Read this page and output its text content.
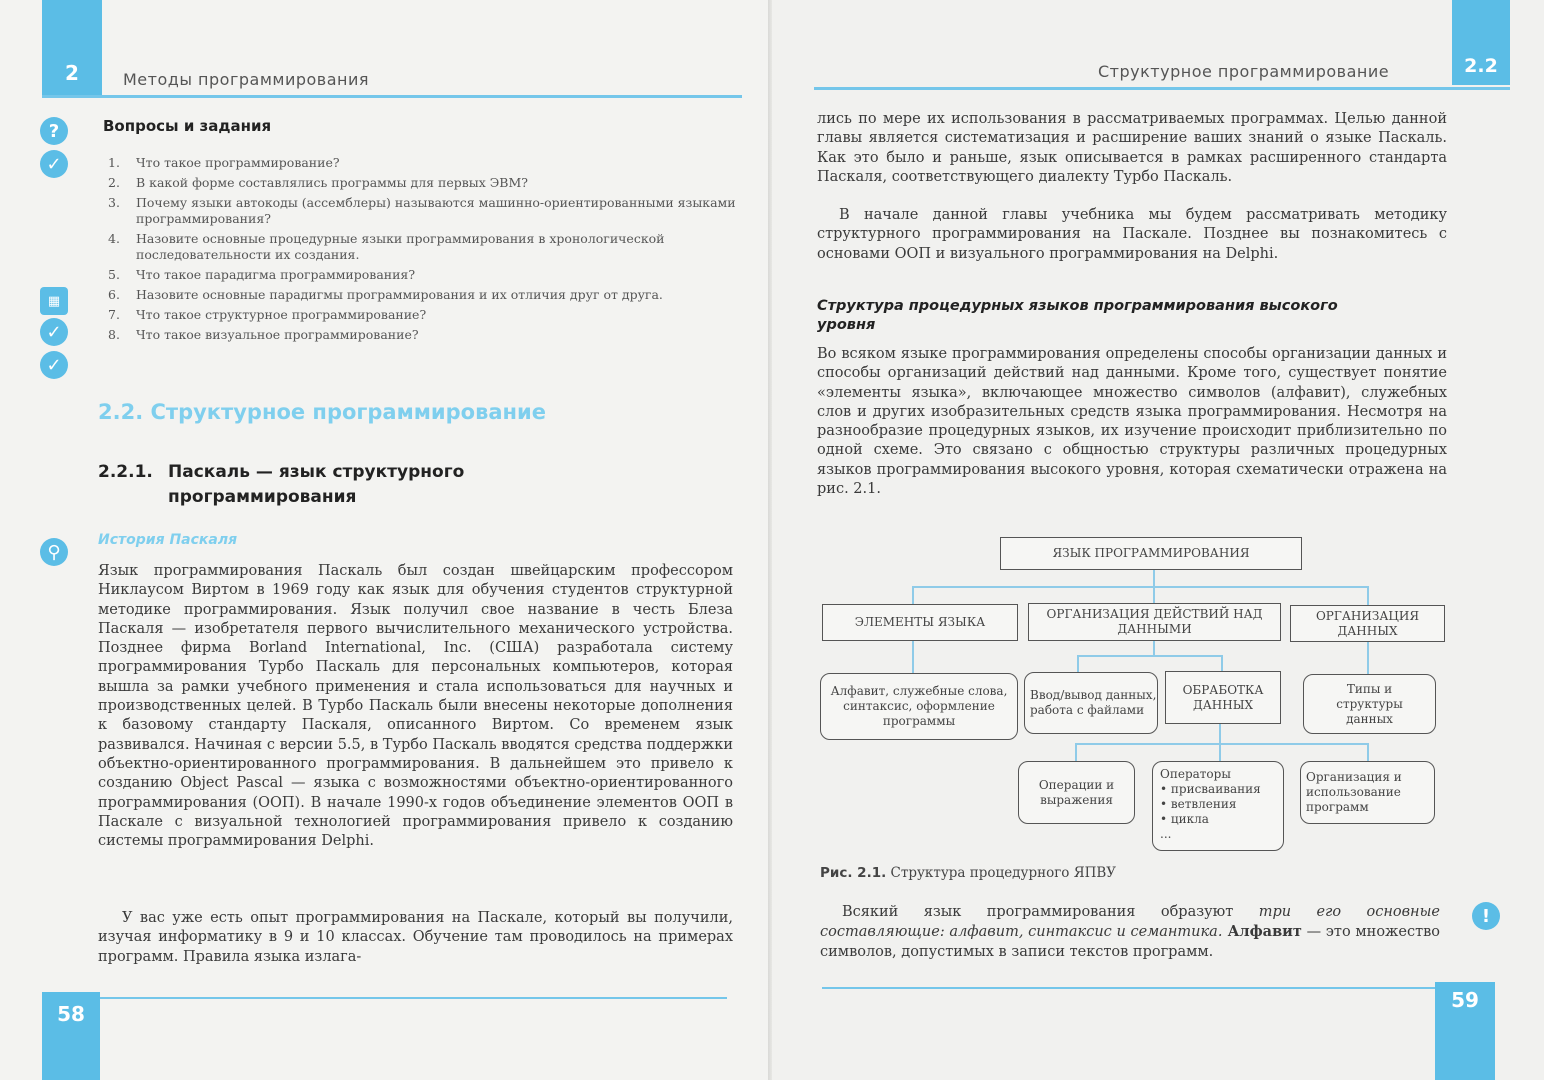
2	Методы программирования
?
✓
▦
✓
✓
⚲
Вопросы и задания
1.	Что такое программирование?
2.	В какой форме составлялись программы для первых ЭВМ?
3.	Почему языки автокоды (ассемблеры) называются машинно-ориентированными языками программирования?
4.	Назовите основные процедурные языки программирования в хронологической последовательности их создания.
5.	Что такое парадигма программирования?
6.	Назовите основные парадигмы программирования и их отличия друг от друга.
7.	Что такое структурное программирование?
8.	Что такое визуальное программирование?
2.2. Структурное программирование
2.2.1. Паскаль — язык структурного программирования
История Паскаля

Язык программирования Паскаль был создан швейцарским профессором Никлаусом Виртом в 1969 году как язык для обучения студентов структурной методике программирования. Язык получил свое название в честь Блеза Паскаля — изобретателя первого вычислительного механического устройства. Позднее фирма Borland International, Inc. (США) разработала систему программирования Турбо Паскаль для персональных компьютеров, которая вышла за рамки учебного применения и стала использоваться для научных и производственных целей. В Турбо Паскаль были внесены некоторые дополнения к базовому стандарту Паскаля, описанного Виртом. Со временем язык развивался. Начиная с версии 5.5, в Турбо Паскаль вводятся средства поддержки объектно-ориентированного программирования. В дальнейшем это привело к созданию Object Pascal — языка с возможностями объектно-ориентированного программирования (ООП). В начале 1990-х годов объединение элементов ООП в Паскале с визуальной технологией программирования привело к созданию системы программирования Delphi.

У вас уже есть опыт программирования на Паскале, который вы получили, изучая информатику в 9 и 10 классах. Обучение там проводилось на примерах программ. Правила языка излага-

58
Структурное программирование	2.2

лись по мере их использования в рассматриваемых программах. Целью данной главы является систематизация и расширение ваших знаний о языке Паскаль. Как это было и раньше, язык описывается в рамках расширенного стандарта Паскаля, соответствующего диалекту Турбо Паскаль.

В начале данной главы учебника мы будем рассматривать методику структурного программирования на Паскале. Позднее вы познакомитесь с основами ООП и визуального программирования на Delphi.

!
59
Структура процедурных языков программирования высокого уровня

Во всяком языке программирования определены способы организации данных и способы организаций действий над данными. Кроме того, существует понятие «элементы языка», включающее множество символов (алфавит), служебных слов и других изобразительных средств языка программирования. Несмотря на разнообразие процедурных языков, их изучение происходит приблизительно по одной схеме. Это связано с общностью структуры различных процедурных языков программирования высокого уровня, которая схематически отражена на рис. 2.1.

ЯЗЫК ПРОГРАММИРОВАНИЯ
ЭЛЕМЕНТЫ ЯЗЫКА
ОРГАНИЗАЦИЯ ДЕЙСТВИЙ НАД ДАННЫМИ
ОРГАНИЗАЦИЯ ДАННЫХ
Алфавит, служебные слова, синтаксис, оформление программы
Ввод/вывод данных, работа с файлами
ОБРАБОТКА ДАННЫХ
Типы и структуры данных
Операции и выражения
Операторы
• присваивания
• ветвления
• цикла
...
Организация и использование программ
Рис. 2.1. Структура процедурного ЯПВУ

Всякий язык программирования образуют три его основные составляющие: алфавит, синтаксис и семантика. Алфавит — это множество символов, допустимых в записи текстов программ.
